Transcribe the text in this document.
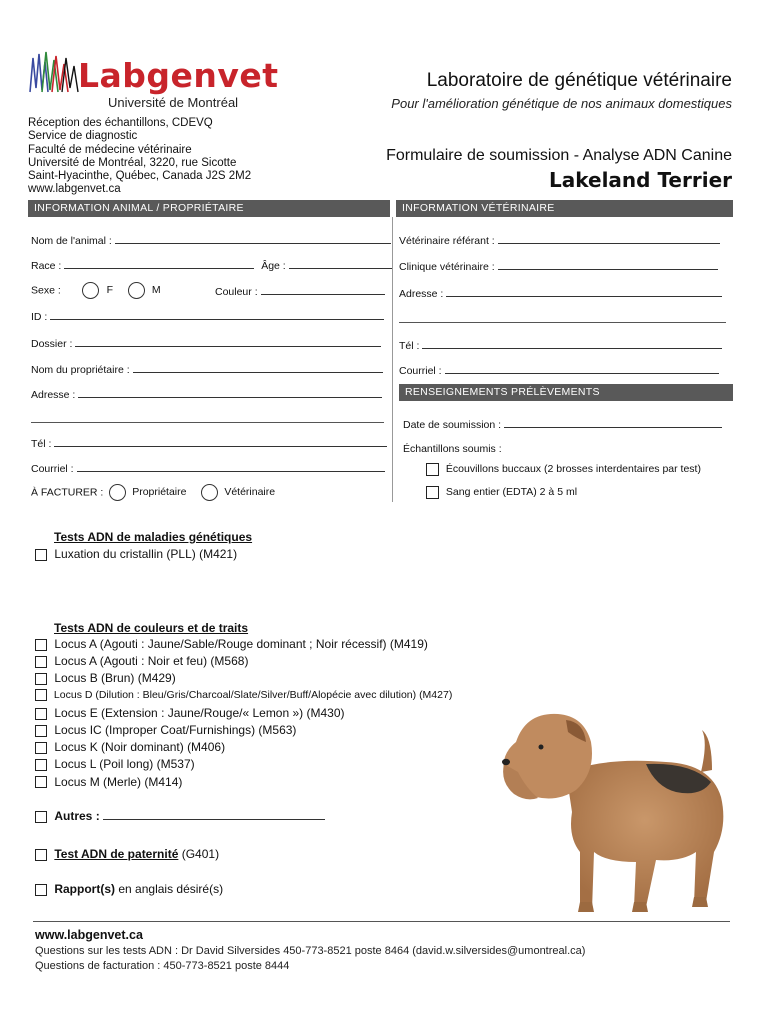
Labgenvet
Université de Montréal
Laboratoire de génétique vétérinaire
Pour l'amélioration génétique de nos animaux domestiques
Réception des échantillons, CDEVQ
Service de diagnostic
Faculté de médecine vétérinaire
Université de Montréal, 3220, rue Sicotte
Saint-Hyacinthe, Québec, Canada J2S 2M2
www.labgenvet.ca
Formulaire de soumission - Analyse ADN Canine
Lakeland Terrier
INFORMATION ANIMAL / PROPRIÉTAIRE	INFORMATION VÉTÉRINAIRE
Nom de l'animal :
Race :	Âge :
Sexe :	F	M	Couleur :
ID :
Dossier :
Nom du propriétaire :
Adresse :
Tél :
Courriel :
À FACTURER :	Propriétaire	Vétérinaire
Vétérinaire référant :
Clinique vétérinaire :
Adresse :
Tél :
Courriel :
RENSEIGNEMENTS PRÉLÈVEMENTS
Date de soumission :
Échantillons soumis :
Écouvillons buccaux (2 brosses interdentaires par test)
Sang entier (EDTA) 2 à 5 ml
Tests ADN de maladies génétiques
Luxation du cristallin (PLL) (M421)
Tests ADN de couleurs et de traits
Locus A (Agouti : Jaune/Sable/Rouge dominant ; Noir récessif) (M419)
Locus A (Agouti : Noir et feu) (M568)
Locus B (Brun) (M429)
Locus D (Dilution : Bleu/Gris/Charcoal/Slate/Silver/Buff/Alopécie avec dilution) (M427)
Locus E (Extension : Jaune/Rouge/« Lemon ») (M430)
Locus IC (Improper Coat/Furnishings) (M563)
Locus K (Noir dominant) (M406)
Locus L (Poil long) (M537)
Locus M (Merle) (M414)
Autres :
Test ADN de paternité (G401)
Rapport(s) en anglais désiré(s)
www.labgenvet.ca
Questions sur les tests ADN : Dr David Silversides 450-773-8521 poste 8464 (david.w.silversides@umontreal.ca)
Questions de facturation : 450-773-8521 poste 8444
